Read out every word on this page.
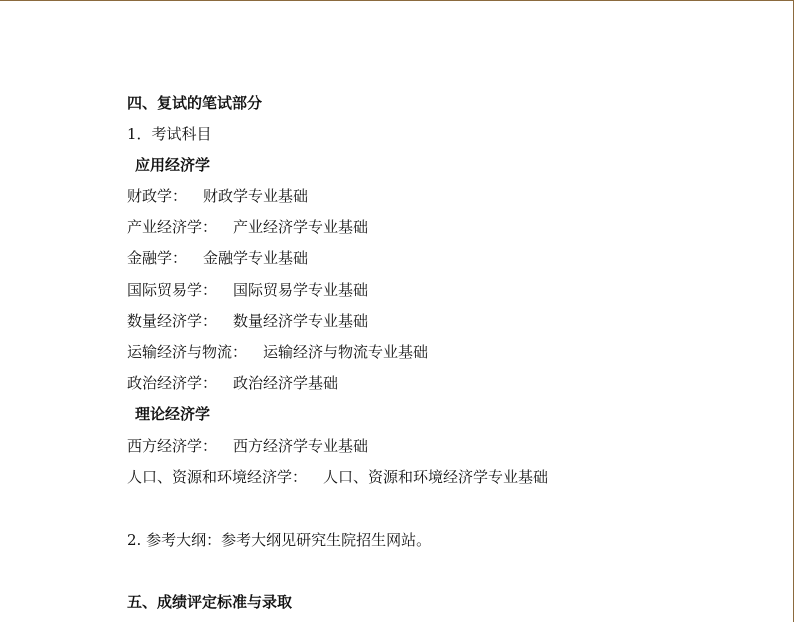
四、复试的笔试部分
1．考试科目
应用经济学
财政学： 财政学专业基础
产业经济学： 产业经济学专业基础
金融学： 金融学专业基础
国际贸易学： 国际贸易学专业基础
数量经济学： 数量经济学专业基础
运输经济与物流： 运输经济与物流专业基础
政治经济学： 政治经济学基础
理论经济学
西方经济学： 西方经济学专业基础
人口、资源和环境经济学： 人口、资源和环境经济学专业基础
2. 参考大纲：参考大纲见研究生院招生网站。
五、成绩评定标准与录取
